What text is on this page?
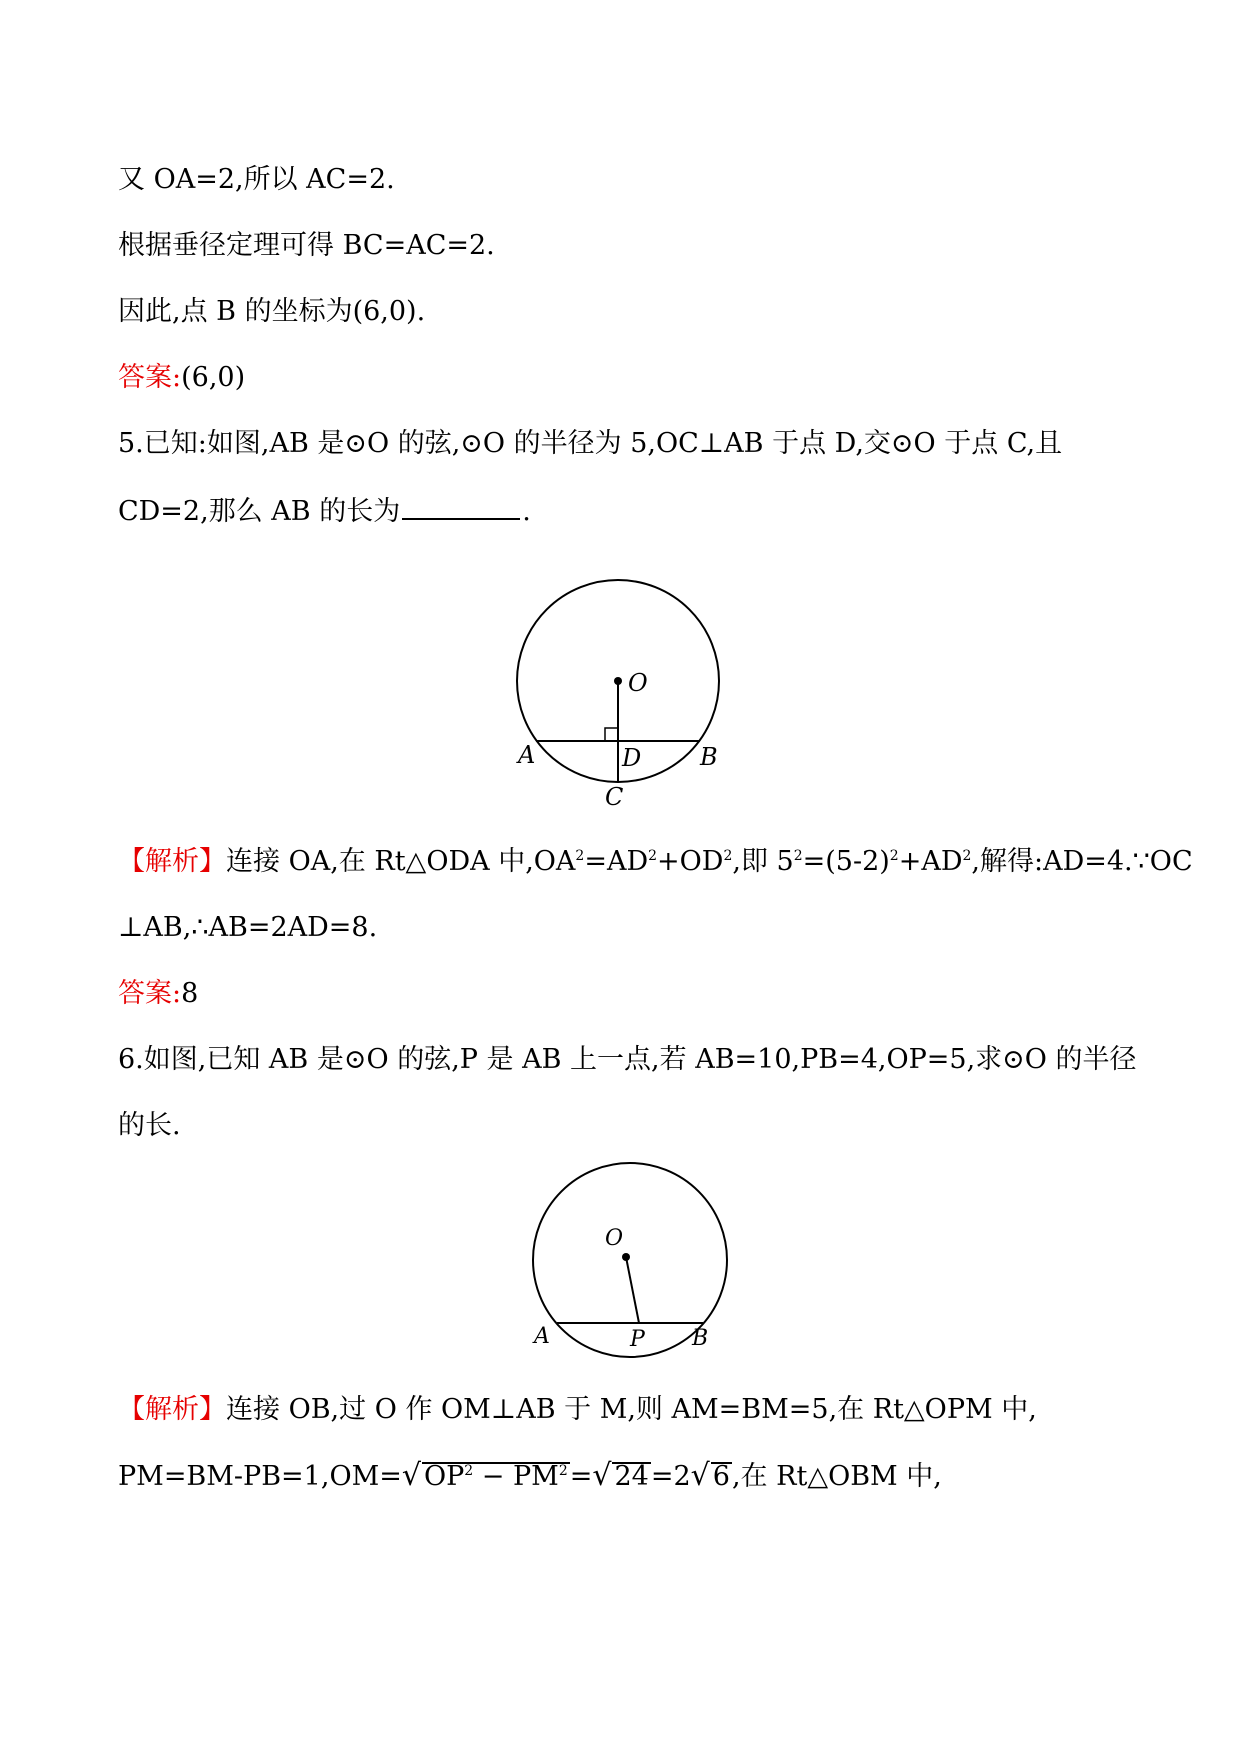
又 OA=2,所以 AC=2.
根据垂径定理可得 BC=AC=2.
因此,点 B 的坐标为(6,0).
答案:(6,0)
5.已知:如图,AB 是⊙O 的弦,⊙O 的半径为 5,OC⊥AB 于点 D,交⊙O 于点 C,且
CD=2,那么 AB 的长为	.
O
A	B
D
C
【解析】连接 OA,在 Rt△ODA 中$,OA^2=AD^2+OD^2$,即 $5^2=(5-2)^2+AD^2$,解得:AD=4.∵OC
⊥AB,∴AB=2AD=8.
答案:8
6.如图,已知 AB 是⊙O 的弦,P 是 AB 上一点,若 AB=10,PB=4,OP=5,求⊙O 的半径
的长.
O
A	P B
【解析】连接 OB,过 O 作 OM⊥AB 于 M,则 AM=BM=5,在 Rt△OPM 中,
PM=BM-PB=1,OM=√ $OP^2 - PM^2=√$ 24=2√ 6,在 Rt△OBM 中,
